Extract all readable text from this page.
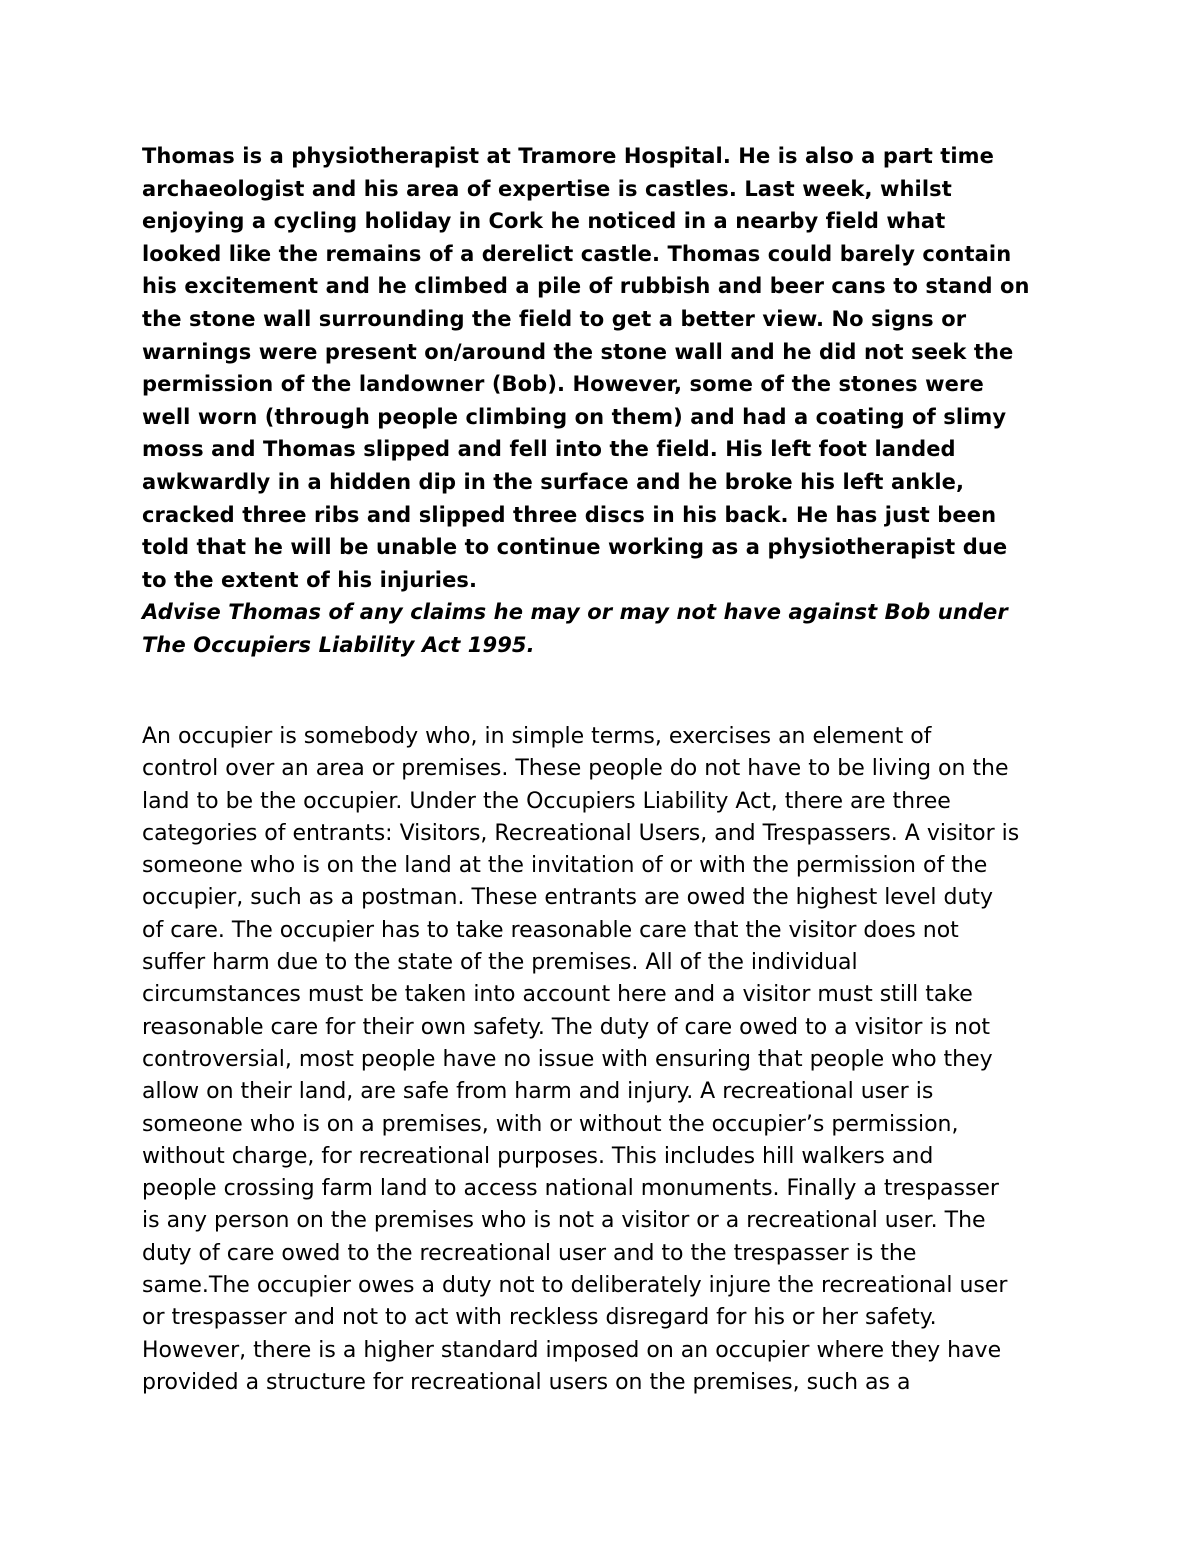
Thomas is a physiotherapist at Tramore Hospital. He is also a part time
archaeologist and his area of expertise is castles. Last week, whilst
enjoying a cycling holiday in Cork he noticed in a nearby field what
looked like the remains of a derelict castle. Thomas could barely contain
his excitement and he climbed a pile of rubbish and beer cans to stand on
the stone wall surrounding the field to get a better view. No signs or
warnings were present on/around the stone wall and he did not seek the
permission of the landowner (Bob). However, some of the stones were
well worn (through people climbing on them) and had a coating of slimy
moss and Thomas slipped and fell into the field. His left foot landed
awkwardly in a hidden dip in the surface and he broke his left ankle,
cracked three ribs and slipped three discs in his back. He has just been
told that he will be unable to continue working as a physiotherapist due
to the extent of his injuries.
Advise Thomas of any claims he may or may not have against Bob under
The Occupiers Liability Act 1995.
An occupier is somebody who, in simple terms, exercises an element of
control over an area or premises. These people do not have to be living on the
land to be the occupier. Under the Occupiers Liability Act, there are three
categories of entrants: Visitors, Recreational Users, and Trespassers. A visitor is
someone who is on the land at the invitation of or with the permission of the
occupier, such as a postman. These entrants are owed the highest level duty
of care. The occupier has to take reasonable care that the visitor does not
suffer harm due to the state of the premises. All of the individual
circumstances must be taken into account here and a visitor must still take
reasonable care for their own safety. The duty of care owed to a visitor is not
controversial, most people have no issue with ensuring that people who they
allow on their land, are safe from harm and injury. A recreational user is
someone who is on a premises, with or without the occupier’s permission,
without charge, for recreational purposes. This includes hill walkers and
people crossing farm land to access national monuments. Finally a trespasser
is any person on the premises who is not a visitor or a recreational user. The
duty of care owed to the recreational user and to the trespasser is the
same.The occupier owes a duty not to deliberately injure the recreational user
or trespasser and not to act with reckless disregard for his or her safety.
However, there is a higher standard imposed on an occupier where they have
provided a structure for recreational users on the premises, such as a
